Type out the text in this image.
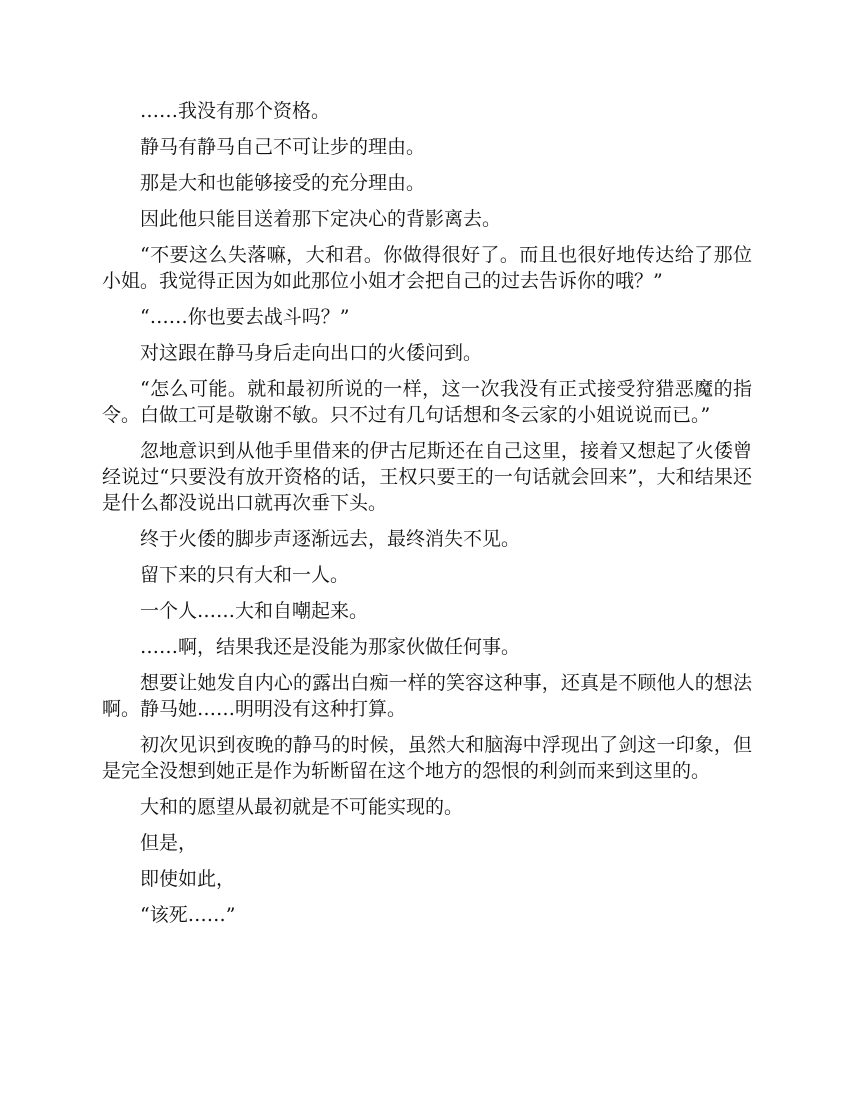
……我没有那个资格。

静马有静马自己不可让步的理由。

那是大和也能够接受的充分理由。

因此他只能目送着那下定决心的背影离去。

“不要这么失落嘛，大和君。你做得很好了。而且也很好地传达给了那位小姐。我觉得正因为如此那位小姐才会把自己的过去告诉你的哦？”

“……你也要去战斗吗？”

对这跟在静马身后走向出口的火倭问到。

“怎么可能。就和最初所说的一样，这一次我没有正式接受狩猎恶魔的指令。白做工可是敬谢不敏。只不过有几句话想和冬云家的小姐说说而已。”

忽地意识到从他手里借来的伊古尼斯还在自己这里，接着又想起了火倭曾经说过“只要没有放开资格的话，王权只要王的一句话就会回来”，大和结果还是什么都没说出口就再次垂下头。

终于火倭的脚步声逐渐远去，最终消失不见。

留下来的只有大和一人。

一个人……大和自嘲起来。

……啊，结果我还是没能为那家伙做任何事。

想要让她发自内心的露出白痴一样的笑容这种事，还真是不顾他人的想法啊。静马她……明明没有这种打算。

初次见识到夜晚的静马的时候，虽然大和脑海中浮现出了剑这一印象，但是完全没想到她正是作为斩断留在这个地方的怨恨的利剑而来到这里的。

大和的愿望从最初就是不可能实现的。

但是，

即使如此，

“该死……”
